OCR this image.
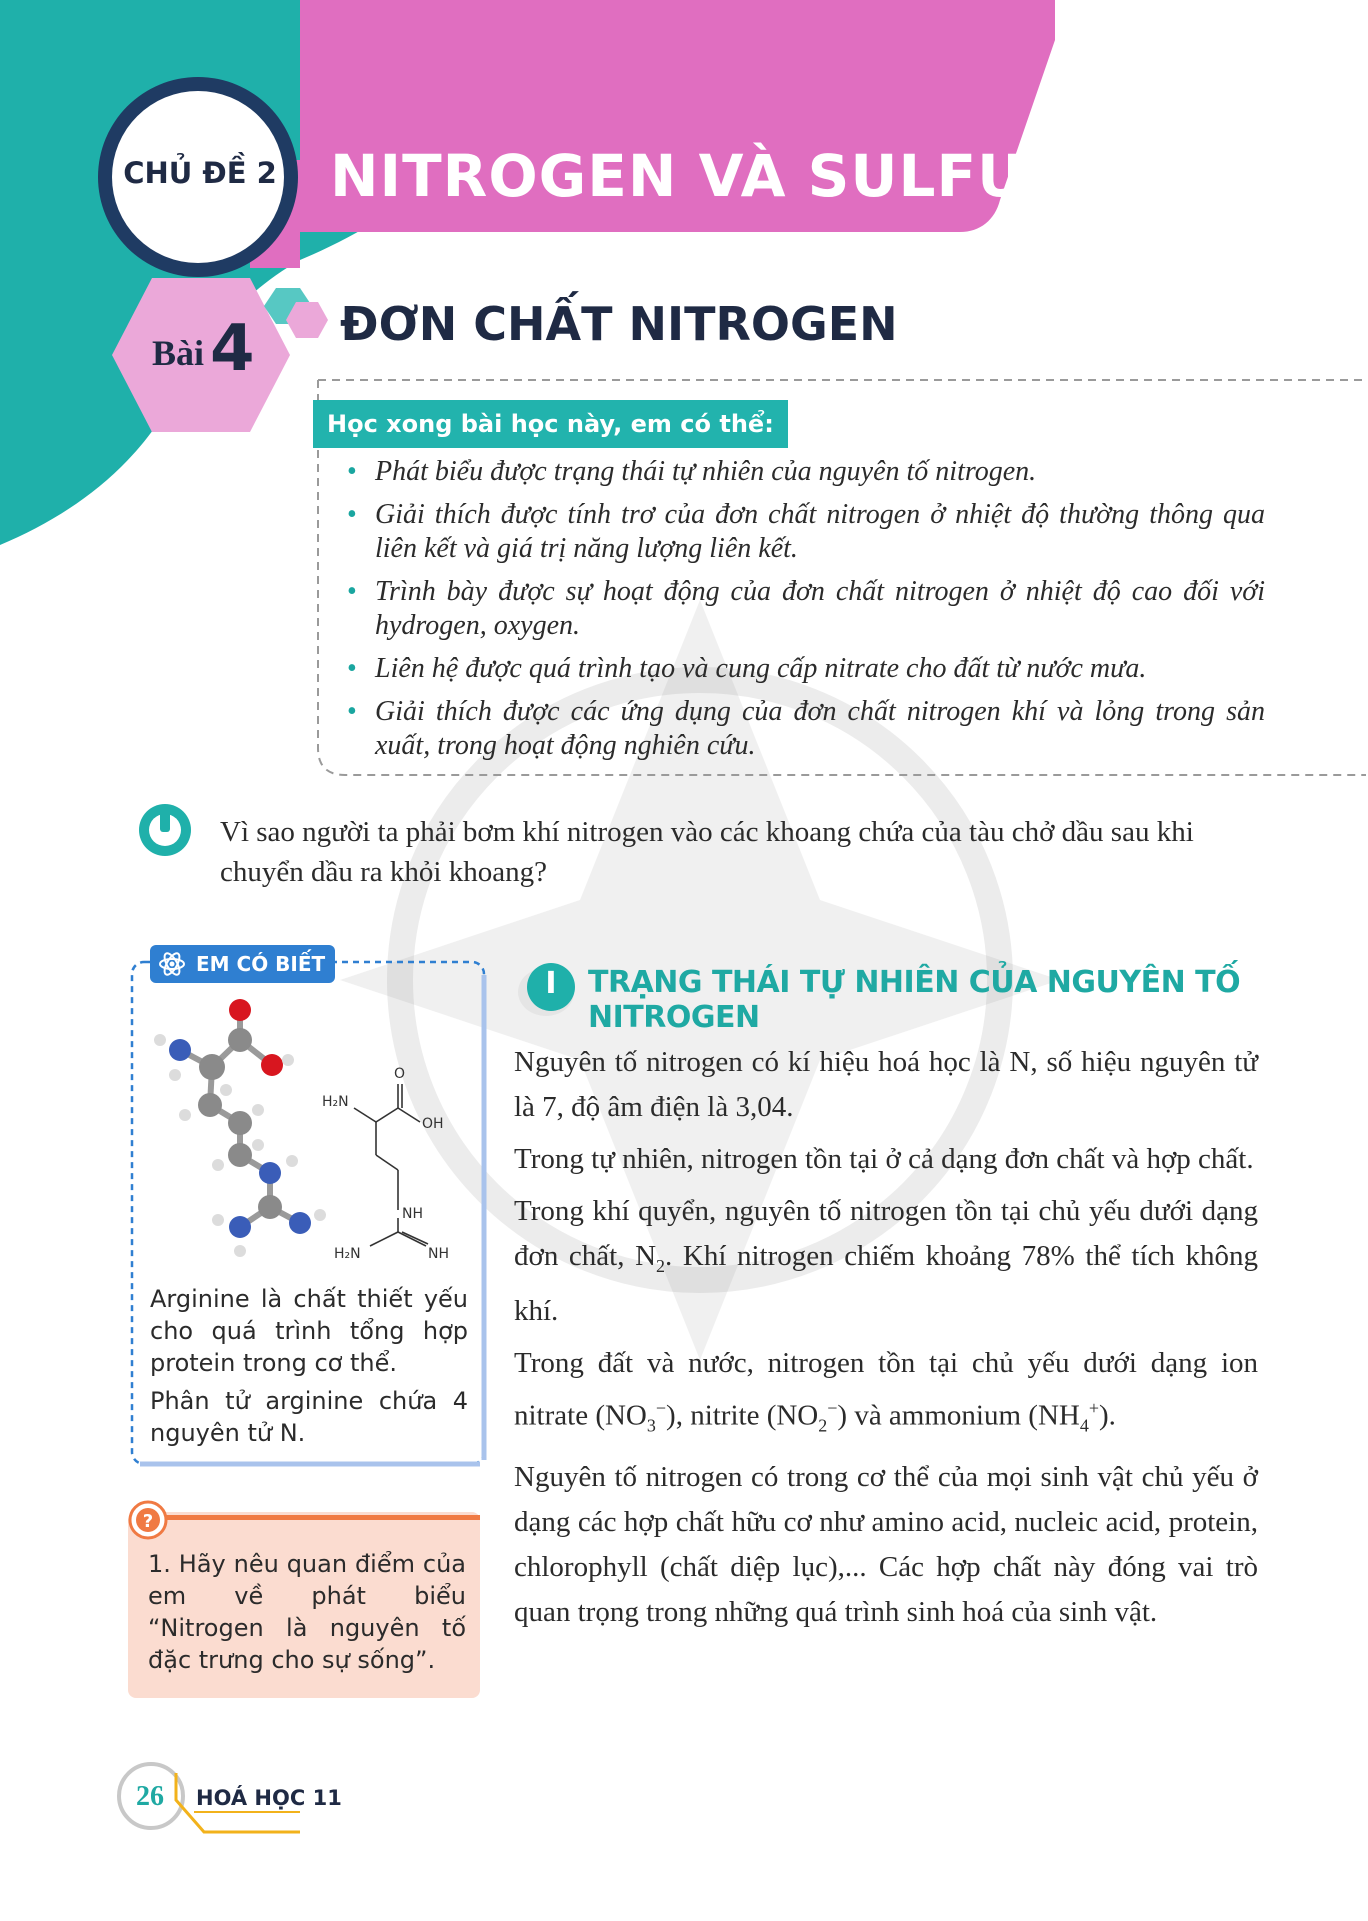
CHỦ ĐỀ 2 NITROGEN VÀ SULFUR
Bài 4 ĐƠN CHẤT NITROGEN
Học xong bài học này, em có thể:
• Phát biểu được trạng thái tự nhiên của nguyên tố nitrogen.
• Giải thích được tính trơ của đơn chất nitrogen ở nhiệt độ thường thông qua liên kết và giá trị năng lượng liên kết.
• Trình bày được sự hoạt động của đơn chất nitrogen ở nhiệt độ cao đối với hydrogen, oxygen.
• Liên hệ được quá trình tạo và cung cấp nitrate cho đất từ nước mưa.
• Giải thích được các ứng dụng của đơn chất nitrogen khí và lỏng trong sản xuất, trong hoạt động nghiên cứu.
Vì sao người ta phải bơm khí nitrogen vào các khoang chứa của tàu chở dầu sau khi chuyển dầu ra khỏi khoang?
EM CÓ BIẾT
H₂N
O
OH
NH
H₂N	NH

Arginine là chất thiết yếu cho quá trình tổng hợp protein trong cơ thể.

Phân tử arginine chứa 4 nguyên tử N.

?
1. Hãy nêu quan điểm của em về phát biểu “Nitrogen là nguyên tố đặc trưng cho sự sống”.
I	TRẠNG THÁI TỰ NHIÊN CỦA NGUYÊN TỐ NITROGEN

Nguyên tố nitrogen có kí hiệu hoá học là N, số hiệu nguyên tử là 7, độ âm điện là 3,04.

Trong tự nhiên, nitrogen tồn tại ở cả dạng đơn chất và hợp chất.

Trong khí quyển, nguyên tố nitrogen tồn tại chủ yếu dưới dạng đơn chất, $N_2$. Khí nitrogen chiếm khoảng 78% thể tích không khí.

Trong đất và nước, nitrogen tồn tại chủ yếu dưới dạng ion nitrate $(NO_3^-)$, nitrite $(NO_2^-)$ và ammonium $(NH_4^+)$.

Nguyên tố nitrogen có trong cơ thể của mọi sinh vật chủ yếu ở dạng các hợp chất hữu cơ như amino acid, nucleic acid, protein, chlorophyll (chất diệp lục),... Các hợp chất này đóng vai trò quan trọng trong những quá trình sinh hoá của sinh vật.

26	HOÁ HỌC 11
